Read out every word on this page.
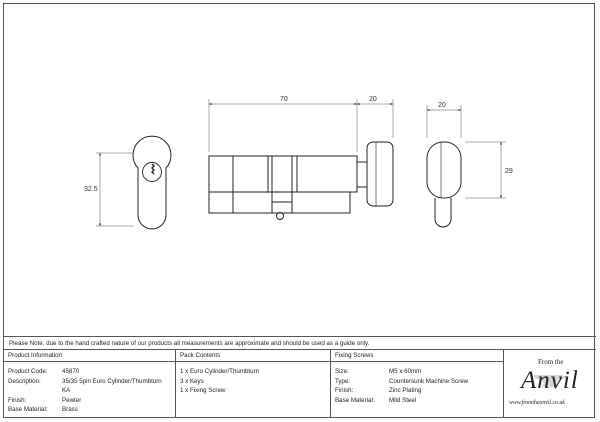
32.5
70	20
20
29
Please Note, due to the hand crafted nature of our products all measurements are approximate and should be used as a guide only.
Product Information
Product Code: 45870
Description:	35/35 5pin Euro Cylinder/Thumbturn
KA
Finish:	Pewter
Base Material: Brass
Pack Contents
1 x Euro Cylinder/Thumbturn
3 x Keys
1 x Fixing Screw
Fixing Screws
Size:	M5 x 60mm
Type:	Countersunk Machine Screw
Finish:	Zinc Plating
Base Material: Mild Steel
From the
Anvil
www.fromtheanvil.co.uk
